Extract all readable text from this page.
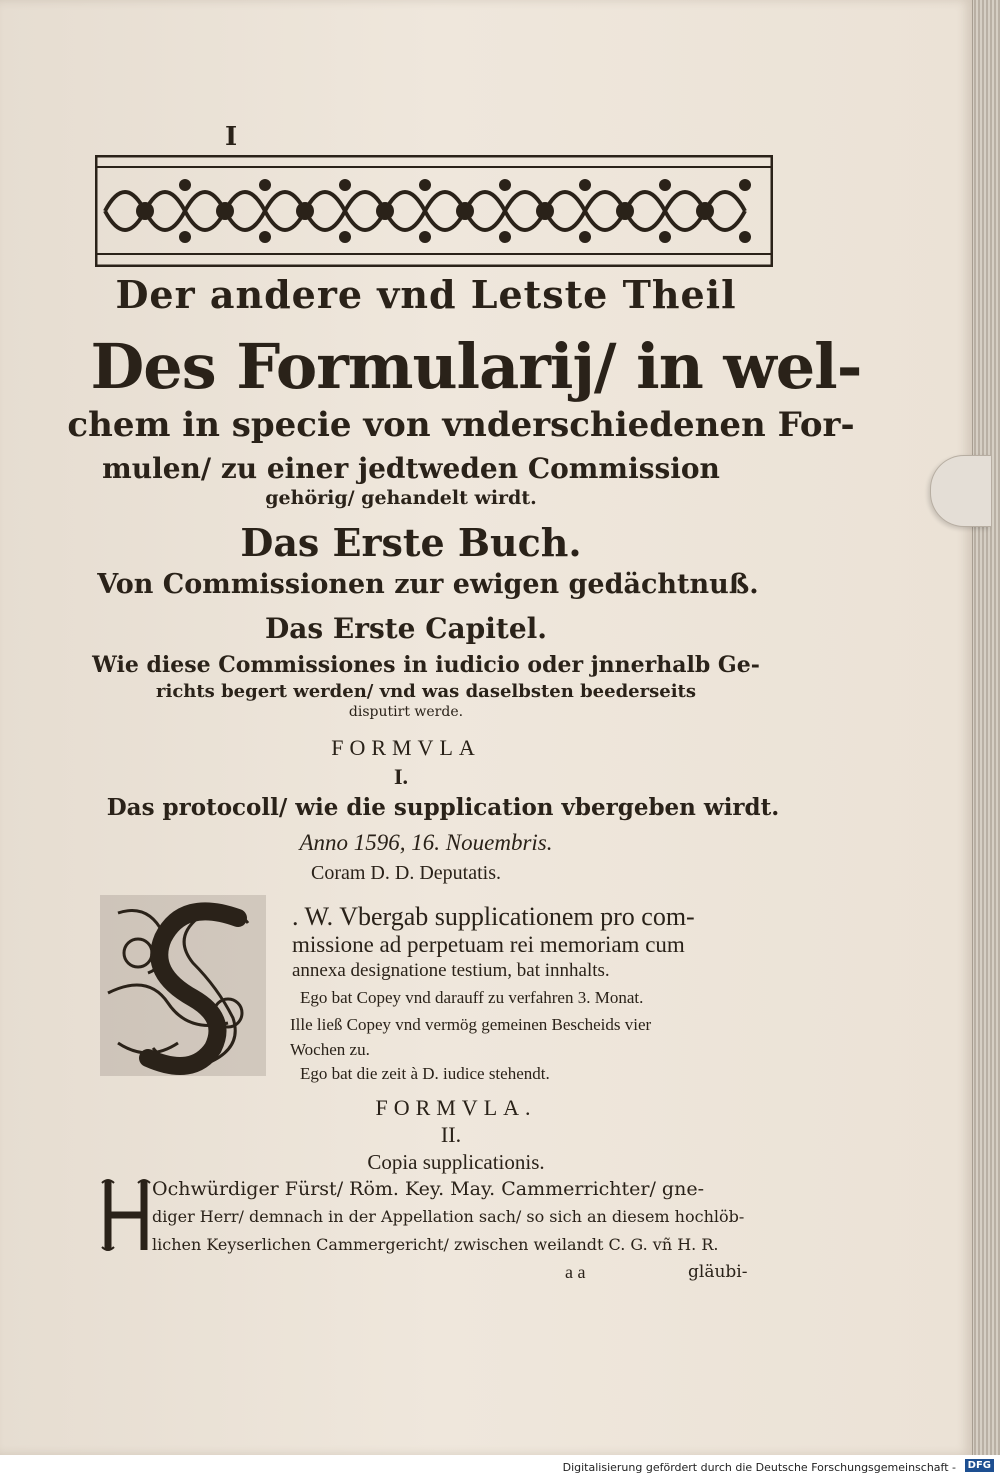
I
Der andere vnd Letste Theil
Des Formularij/ in wel-
chem in specie von vnderschiedenen For-
mulen/ zu einer jedtweden Commission
gehörig/ gehandelt wirdt.
Das Erste Buch.
Von Commissionen zur ewigen gedächtnuß.
Das Erste Capitel.
Wie diese Commissiones in iudicio oder jnnerhalb Ge-
richts begert werden/ vnd was daselbsten beederseits
disputirt werde.
FORMVLA
I.
Das protocoll/ wie die supplication vbergeben wirdt.
Anno 1596, 16. Nouembris.
Coram D. D. Deputatis.
. W. Vbergab supplicationem pro com-
missione ad perpetuam rei memoriam cum
annexa designatione testium, bat innhalts.
Ego bat Copey vnd darauff zu verfahren 3. Monat.
Ille ließ Copey vnd vermög gemeinen Bescheids vier
Wochen zu.
Ego bat die zeit à D. iudice stehendt.
FORMVLA.
II.
Copia supplicationis.
Ochwürdiger Fürst/ Röm. Key. May. Cammerrichter/ gne-
diger Herr/ demnach in der Appellation sach/ so sich an diesem hochlöb-
lichen Keyserlichen Cammergericht/ zwischen weilandt C. G. vñ H. R.
a a	gläubi-
Digitalisierung gefördert durch die Deutsche Forschungsgemeinschaft -	DFG
